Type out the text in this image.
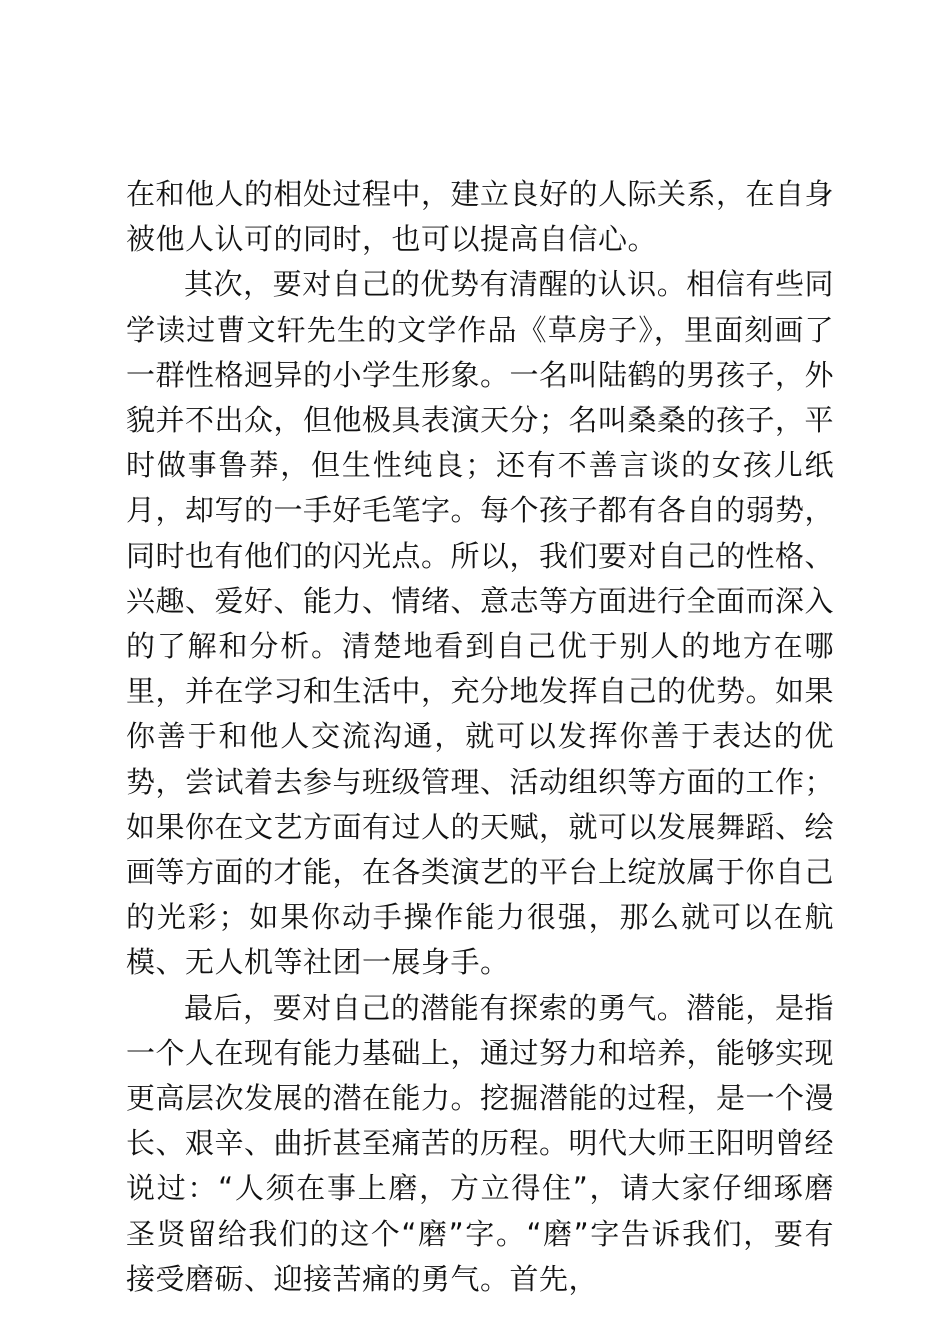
在和他人的相处过程中，建立良好的人际关系，在自身被他人认可的同时，也可以提高自信心。

其次，要对自己的优势有清醒的认识。相信有些同学读过曹文轩先生的文学作品《草房子》，里面刻画了一群性格迥异的小学生形象。一名叫陆鹤的男孩子，外貌并不出众，但他极具表演天分；名叫桑桑的孩子，平时做事鲁莽，但生性纯良；还有不善言谈的女孩儿纸月，却写的一手好毛笔字。每个孩子都有各自的弱势，同时也有他们的闪光点。所以，我们要对自己的性格、兴趣、爱好、能力、情绪、意志等方面进行全面而深入的了解和分析。清楚地看到自己优于别人的地方在哪里，并在学习和生活中，充分地发挥自己的优势。如果你善于和他人交流沟通，就可以发挥你善于表达的优势，尝试着去参与班级管理、活动组织等方面的工作；如果你在文艺方面有过人的天赋，就可以发展舞蹈、绘画等方面的才能，在各类演艺的平台上绽放属于你自己的光彩；如果你动手操作能力很强，那么就可以在航模、无人机等社团一展身手。

最后，要对自己的潜能有探索的勇气。潜能，是指一个人在现有能力基础上，通过努力和培养，能够实现更高层次发展的潜在能力。挖掘潜能的过程，是一个漫长、艰辛、曲折甚至痛苦的历程。明代大师王阳明曾经说过：“人须在事上磨，方立得住”，请大家仔细琢磨圣贤留给我们的这个“磨”字。“磨”字告诉我们，要有接受磨砺、迎接苦痛的勇气。首先，
